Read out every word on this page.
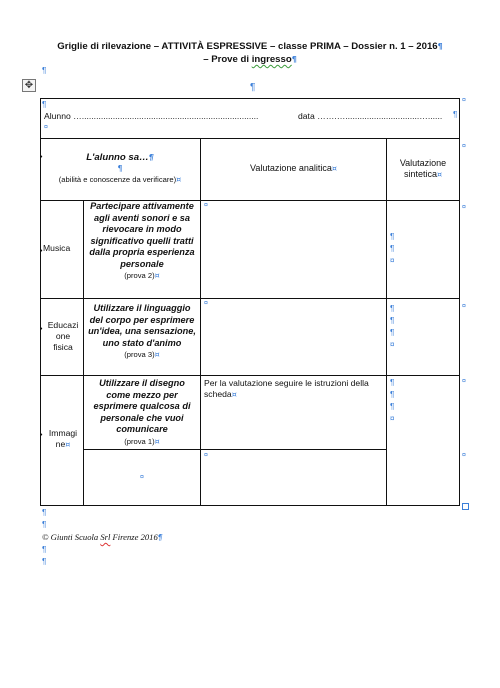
Griglie di rilevazione – ATTIVITÀ ESPRESSIVE – classe PRIMA – Dossier n. 1 – 2016¶
– Prove di ingresso¶
¶
✥	¶
¶
Alunno …..........................................................................	data …….…...............................…......
¤
¶
L'alunno sa…¶
¶
(abilità e conoscenze da verificare)¤
Valutazione analitica¤
Valutazione
sintetica¤
Musica
Partecipare attivamente agli aventi sonori e sa rievocare in modo significativo quelli tratti dalla propria esperienza personale
(prova 2)¤
¤
¶
¶
¤
Educazi
one
fisica
Utilizzare il linguaggio del corpo per esprimere un'idea, una sensazione, uno stato d'animo
(prova 3)¤
¤
¶
¶
¶
¤
Immagi
ne¤
Utilizzare il disegno come mezzo per esprimere qualcosa di personale che vuoi comunicare
(prova 1)¤
Per la valutazione seguire le istruzioni della scheda¤
¶
¶
¶
¤
¤
¤
¤
¤
¤
¤
¤
¤
•
•
•
•
¶
¶
© Giunti Scuola Srl Firenze 2016¶
¶
¶
